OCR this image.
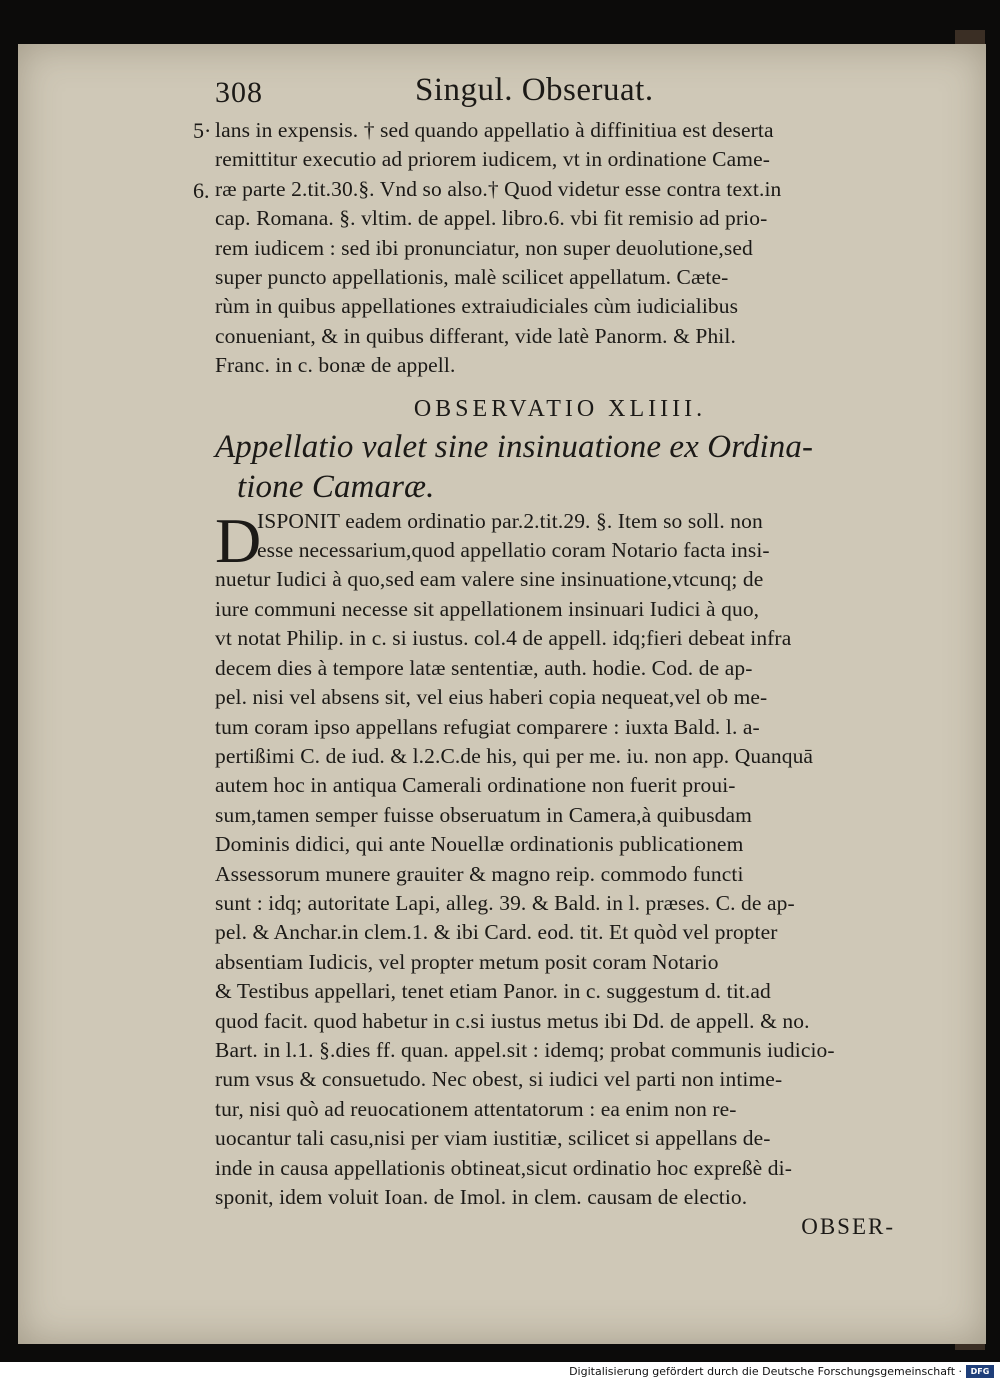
308	Singul. Obseruat.
5·
6.
lans in expensis. † sed quando appellatio à diffinitiua est deserta
remittitur executio ad priorem iudicem, vt in ordinatione Came-
ræ parte 2.tit.30.§. Vnd so also.† Quod videtur esse contra text.in
cap. Romana. §. vltim. de appel. libro.6. vbi fit remisio ad prio-
rem iudicem : sed ibi pronunciatur, non super deuolutione,sed
super puncto appellationis, malè scilicet appellatum. Cæte-
rùm in quibus appellationes extraiudiciales cùm iudicialibus
conueniant, & in quibus differant, vide latè Panorm. & Phil.
Franc. in c. bonæ de appell.
OBSERVATIO XLIIII.
Appellatio valet sine insinuatione ex Ordina-
tione Camaræ.
D
ISPONIT eadem ordinatio par.2.tit.29. §. Item so soll. non
esse necessarium,quod appellatio coram Notario facta insi-
nuetur Iudici à quo,sed eam valere sine insinuatione,vtcunq; de
iure communi necesse sit appellationem insinuari Iudici à quo,
vt notat Philip. in c. si iustus. col.4 de appell. idq;fieri debeat infra
decem dies à tempore latæ sententiæ, auth. hodie. Cod. de ap-
pel. nisi vel absens sit, vel eius haberi copia nequeat,vel ob me-
tum coram ipso appellans refugiat comparere : iuxta Bald. l. a-
pertißimi C. de iud. & l.2.C.de his, qui per me. iu. non app. Quanquā
autem hoc in antiqua Camerali ordinatione non fuerit proui-
sum,tamen semper fuisse obseruatum in Camera,à quibusdam
Dominis didici, qui ante Nouellæ ordinationis publicationem
Assessorum munere grauiter & magno reip. commodo functi
sunt : idq; autoritate Lapi, alleg. 39. & Bald. in l. præses. C. de ap-
pel. & Anchar.in clem.1. & ibi Card. eod. tit. Et quòd vel propter
absentiam Iudicis, vel propter metum posit coram Notario
& Testibus appellari, tenet etiam Panor. in c. suggestum d. tit.ad
quod facit. quod habetur in c.si iustus metus ibi Dd. de appell. & no.
Bart. in l.1. §.dies ff. quan. appel.sit : idemq; probat communis iudicio-
rum vsus & consuetudo. Nec obest, si iudici vel parti non intime-
tur, nisi quò ad reuocationem attentatorum : ea enim non re-
uocantur tali casu,nisi per viam iustitiæ, scilicet si appellans de-
inde in causa appellationis obtineat,sicut ordinatio hoc expreßè di-
sponit, idem voluit Ioan. de Imol. in clem. causam de electio.
OBSER-
Digitalisierung gefördert durch die Deutsche Forschungsgemeinschaft ·	DFG
